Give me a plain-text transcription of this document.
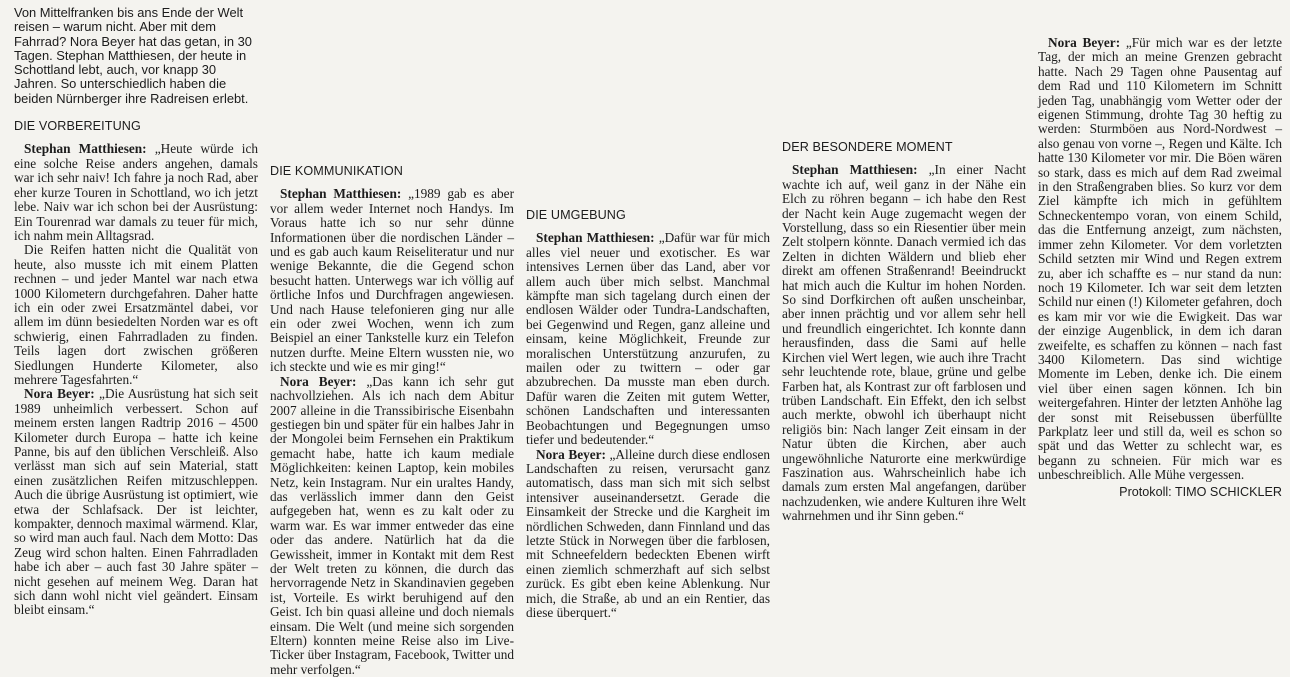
Von Mittelfranken bis ans Ende der Welt reisen – warum nicht. Aber mit dem Fahrrad? Nora Beyer hat das getan, in 30 Tagen. Stephan Matthiesen, der heute in Schottland lebt, auch, vor knapp 30 Jahren. So unterschiedlich haben die beiden Nürnberger ihre Radreisen erlebt.

DIE VORBEREITUNG

Stephan Matthiesen: „Heute würde ich eine solche Reise anders angehen, damals war ich sehr naiv! Ich fahre ja noch Rad, aber eher kurze Touren in Schottland, wo ich jetzt lebe. Naiv war ich schon bei der Ausrüstung: Ein Tourenrad war damals zu teuer für mich, ich nahm mein Alltagsrad.

Die Reifen hatten nicht die Qualität von heute, also musste ich mit einem Platten rechnen – und jeder Mantel war nach etwa 1000 Kilometern durchgefahren. Daher hatte ich ein oder zwei Ersatzmäntel dabei, vor allem im dünn besiedelten Norden war es oft schwierig, einen Fahrradladen zu finden. Teils lagen dort zwischen größeren Siedlungen Hunderte Kilometer, also mehrere Tagesfahrten.“

Nora Beyer: „Die Ausrüstung hat sich seit 1989 unheimlich verbessert. Schon auf meinem ersten langen Radtrip 2016 – 4500 Kilometer durch Europa – hatte ich keine Panne, bis auf den üblichen Verschleiß. Also verlässt man sich auf sein Material, statt einen zusätzlichen Reifen mitzuschleppen. Auch die übrige Ausrüstung ist optimiert, wie etwa der Schlafsack. Der ist leichter, kompakter, dennoch maximal wärmend. Klar, so wird man auch faul. Nach dem Motto: Das Zeug wird schon halten. Einen Fahrradladen habe ich aber – auch fast 30 Jahre später – nicht gesehen auf meinem Weg. Daran hat sich dann wohl nicht viel geändert. Einsam bleibt einsam.“

DIE KOMMUNIKATION

Stephan Matthiesen: „1989 gab es aber vor allem weder Internet noch Handys. Im Voraus hatte ich so nur sehr dünne Informationen über die nordischen Länder – und es gab auch kaum Reiseliteratur und nur wenige Bekannte, die die Gegend schon besucht hatten. Unterwegs war ich völlig auf örtliche Infos und Durchfragen angewiesen. Und nach Hause telefonieren ging nur alle ein oder zwei Wochen, wenn ich zum Beispiel an einer Tankstelle kurz ein Telefon nutzen durfte. Meine Eltern wussten nie, wo ich steckte und wie es mir ging!“

Nora Beyer: „Das kann ich sehr gut nachvollziehen. Als ich nach dem Abitur 2007 alleine in die Transsibirische Eisenbahn gestiegen bin und später für ein halbes Jahr in der Mongolei beim Fernsehen ein Praktikum gemacht habe, hatte ich kaum mediale Möglichkeiten: keinen Laptop, kein mobiles Netz, kein Instagram. Nur ein uraltes Handy, das verlässlich immer dann den Geist aufgegeben hat, wenn es zu kalt oder zu warm war. Es war immer entweder das eine oder das andere. Natürlich hat da die Gewissheit, immer in Kontakt mit dem Rest der Welt treten zu können, die durch das hervorragende Netz in Skandinavien gegeben ist, Vorteile. Es wirkt beruhigend auf den Geist. Ich bin quasi alleine und doch niemals einsam. Die Welt (und meine sich sorgenden Eltern) konnten meine Reise also im Live-Ticker über Instagram, Facebook, Twitter und mehr verfolgen.“

DIE UMGEBUNG

Stephan Matthiesen: „Dafür war für mich alles viel neuer und exotischer. Es war intensives Lernen über das Land, aber vor allem auch über mich selbst. Manchmal kämpfte man sich tagelang durch einen der endlosen Wälder oder Tundra-Landschaften, bei Gegenwind und Regen, ganz alleine und einsam, keine Möglichkeit, Freunde zur moralischen Unterstützung anzurufen, zu mailen oder zu twittern – oder gar abzubrechen. Da musste man eben durch. Dafür waren die Zeiten mit gutem Wetter, schönen Landschaften und interessanten Beobachtungen und Begegnungen umso tiefer und bedeutender.“

Nora Beyer: „Alleine durch diese endlosen Landschaften zu reisen, verursacht ganz automatisch, dass man sich mit sich selbst intensiver auseinandersetzt. Gerade die Einsamkeit der Strecke und die Kargheit im nördlichen Schweden, dann Finnland und das letzte Stück in Norwegen über die farblosen, mit Schneefeldern bedeckten Ebenen wirft einen ziemlich schmerzhaft auf sich selbst zurück. Es gibt eben keine Ablenkung. Nur mich, die Straße, ab und an ein Rentier, das diese überquert.“

DER BESONDERE MOMENT

Stephan Matthiesen: „In einer Nacht wachte ich auf, weil ganz in der Nähe ein Elch zu röhren begann – ich habe den Rest der Nacht kein Auge zugemacht wegen der Vorstellung, dass so ein Riesentier über mein Zelt stolpern könnte. Danach vermied ich das Zelten in dichten Wäldern und blieb eher direkt am offenen Straßenrand! Beeindruckt hat mich auch die Kultur im hohen Norden. So sind Dorfkirchen oft außen unscheinbar, aber innen prächtig und vor allem sehr hell und freundlich eingerichtet. Ich konnte dann herausfinden, dass die Sami auf helle Kirchen viel Wert legen, wie auch ihre Tracht sehr leuchtende rote, blaue, grüne und gelbe Farben hat, als Kontrast zur oft farblosen und trüben Landschaft. Ein Effekt, den ich selbst auch merkte, obwohl ich überhaupt nicht religiös bin: Nach langer Zeit einsam in der Natur übten die Kirchen, aber auch ungewöhnliche Naturorte eine merkwürdige Faszination aus. Wahrscheinlich habe ich damals zum ersten Mal angefangen, darüber nachzudenken, wie andere Kulturen ihre Welt wahrnehmen und ihr Sinn geben.“

Nora Beyer: „Für mich war es der letzte Tag, der mich an meine Grenzen gebracht hatte. Nach 29 Tagen ohne Pausentag auf dem Rad und 110 Kilometern im Schnitt jeden Tag, unabhängig vom Wetter oder der eigenen Stimmung, drohte Tag 30 heftig zu werden: Sturmböen aus Nord-Nordwest – also genau von vorne –, Regen und Kälte. Ich hatte 130 Kilometer vor mir. Die Böen wären so stark, dass es mich auf dem Rad zweimal in den Straßengraben blies. So kurz vor dem Ziel kämpfte ich mich in gefühltem Schneckentempo voran, von einem Schild, das die Entfernung anzeigt, zum nächsten, immer zehn Kilometer. Vor dem vorletzten Schild setzten mir Wind und Regen extrem zu, aber ich schaffte es – nur stand da nun: noch 19 Kilometer. Ich war seit dem letzten Schild nur einen (!) Kilometer gefahren, doch es kam mir vor wie die Ewigkeit. Das war der einzige Augenblick, in dem ich daran zweifelte, es schaffen zu können – nach fast 3400 Kilometern. Das sind wichtige Momente im Leben, denke ich. Die einem viel über einen sagen können. Ich bin weitergefahren. Hinter der letzten Anhöhe lag der sonst mit Reisebussen überfüllte Parkplatz leer und still da, weil es schon so spät und das Wetter zu schlecht war, es begann zu schneien. Für mich war es unbeschreiblich. Alle Mühe vergessen.

Protokoll: TIMO SCHICKLER
